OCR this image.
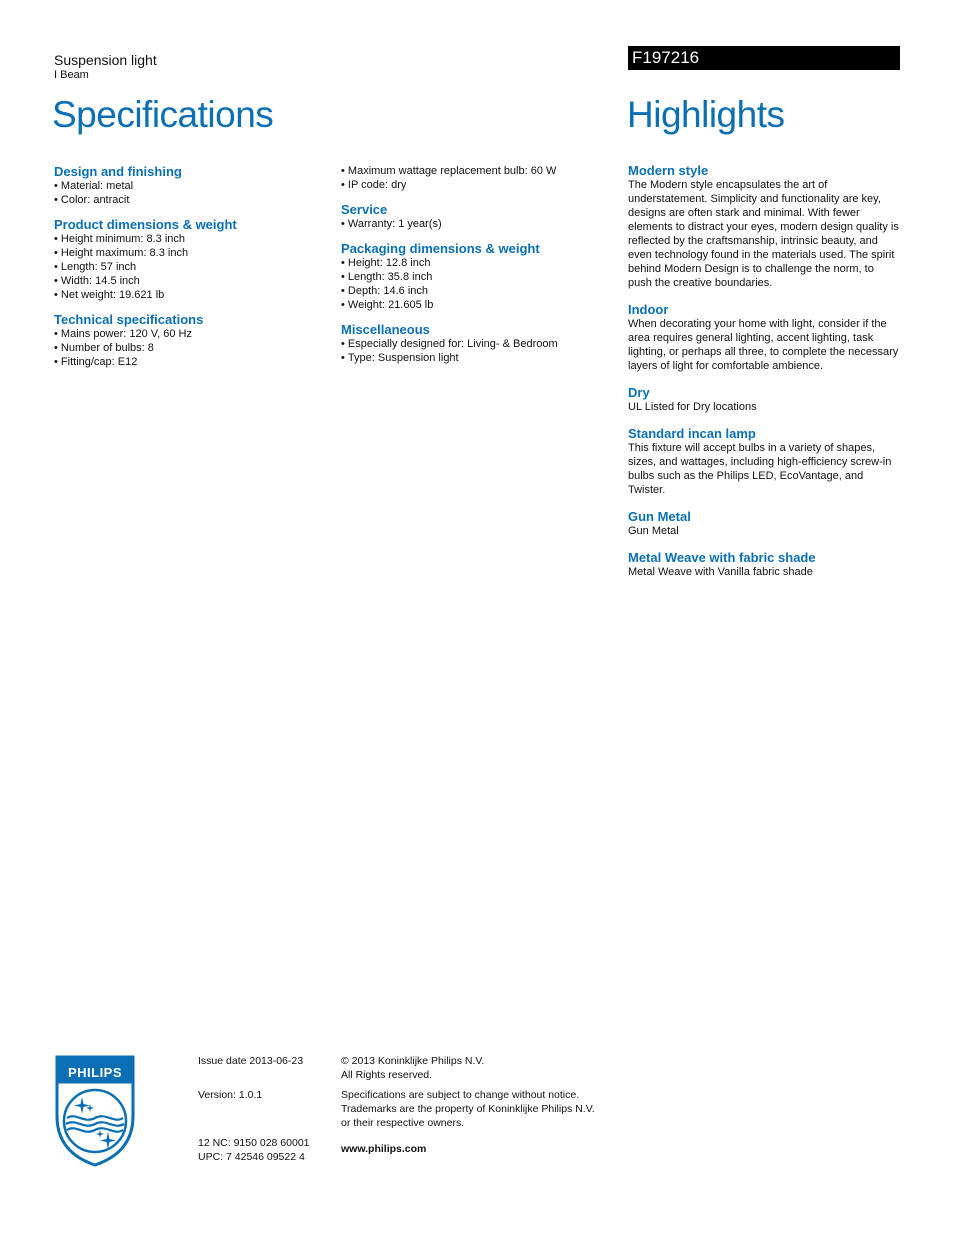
Suspension light
I Beam
F197216
Specifications	Highlights
Design and finishing
• Material: metal
• Color: antracit
Product dimensions & weight
• Height minimum: 8.3 inch
• Height maximum: 8.3 inch
• Length: 57 inch
• Width: 14.5 inch
• Net weight: 19.621 lb
Technical specifications
• Mains power: 120 V, 60 Hz
• Number of bulbs: 8
• Fitting/cap: E12
• Maximum wattage replacement bulb: 60 W
• IP code: dry
Service
• Warranty: 1 year(s)
Packaging dimensions & weight
• Height: 12.8 inch
• Length: 35.8 inch
• Depth: 14.6 inch
• Weight: 21.605 lb
Miscellaneous
• Especially designed for: Living- & Bedroom
• Type: Suspension light
Modern style
The Modern style encapsulates the art of understatement. Simplicity and functionality are key, designs are often stark and minimal. With fewer elements to distract your eyes, modern design quality is reflected by the craftsmanship, intrinsic beauty, and even technology found in the materials used. The spirit behind Modern Design is to challenge the norm, to push the creative boundaries.
Indoor
When decorating your home with light, consider if the area requires general lighting, accent lighting, task lighting, or perhaps all three, to complete the necessary layers of light for comfortable ambience.
Dry
UL Listed for Dry locations
Standard incan lamp
This fixture will accept bulbs in a variety of shapes, sizes, and wattages, including high-efficiency screw-in bulbs such as the Philips LED, EcoVantage, and Twister.
Gun Metal
Gun Metal
Metal Weave with fabric shade
Metal Weave with Vanilla fabric shade
PHILIPS
Issue date 2013-06-23
Version: 1.0.1
12 NC: 9150 028 60001
UPC: 7 42546 09522 4
© 2013 Koninklijke Philips N.V.
All Rights reserved.
Specifications are subject to change without notice.
Trademarks are the property of Koninklijke Philips N.V.
or their respective owners.
www.philips.com
